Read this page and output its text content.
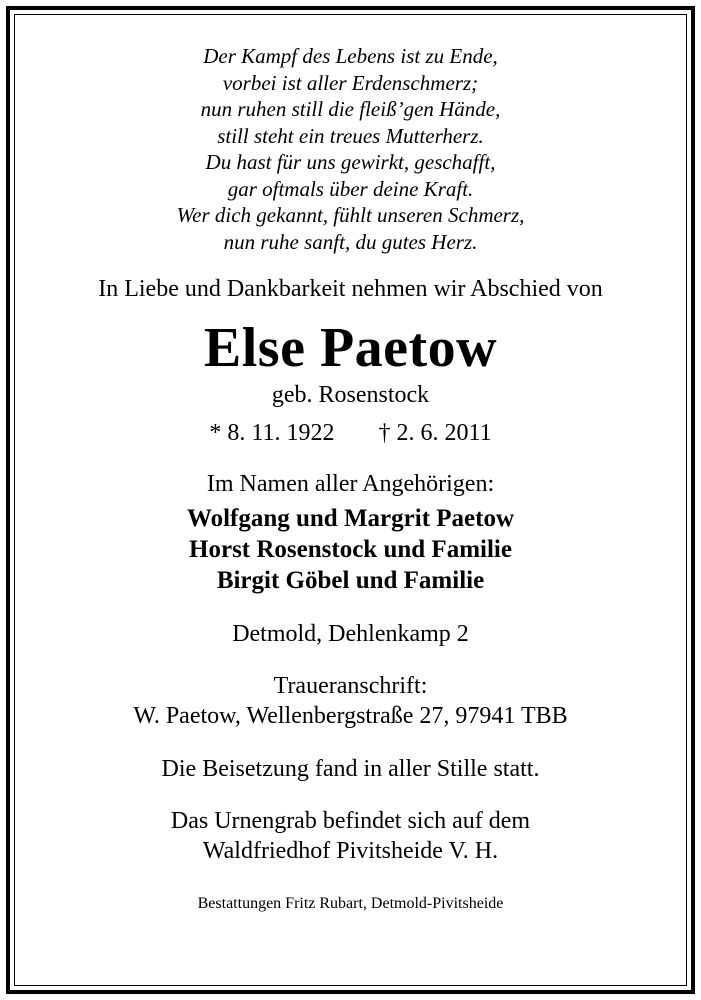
Der Kampf des Lebens ist zu Ende,
vorbei ist aller Erdenschmerz;
nun ruhen still die fleiß’gen Hände,
still steht ein treues Mutterherz.
Du hast für uns gewirkt, geschafft,
gar oftmals über deine Kraft.
Wer dich gekannt, fühlt unseren Schmerz,
nun ruhe sanft, du gutes Herz.
In Liebe und Dankbarkeit nehmen wir Abschied von
Else Paetow
geb. Rosenstock
* 8. 11. 1922 † 2. 6. 2011
Im Namen aller Angehörigen:
Wolfgang und Margrit Paetow
Horst Rosenstock und Familie
Birgit Göbel und Familie
Detmold, Dehlenkamp 2
Traueranschrift:
W. Paetow, Wellenbergstraße 27, 97941 TBB
Die Beisetzung fand in aller Stille statt.
Das Urnengrab befindet sich auf dem
Waldfriedhof Pivitsheide V. H.
Bestattungen Fritz Rubart, Detmold-Pivitsheide
